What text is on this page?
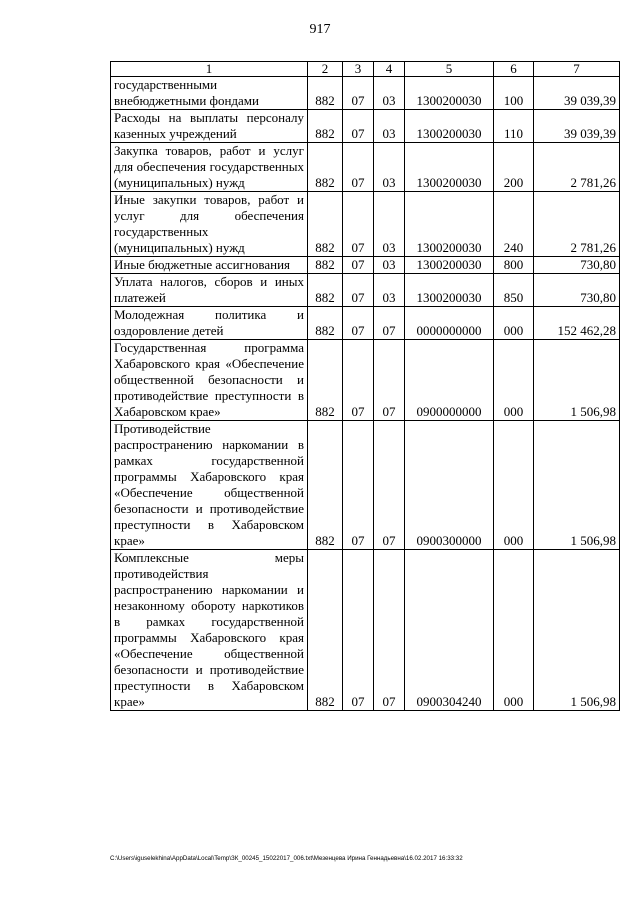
917
1	2	3	4	5	6	7

государственными внебюджетными фондами	882	07	03	1300200030	100	39 039,39

Расходы на выплаты персоналу казенных учреждений	882	07	03	1300200030	110	39 039,39

Закупка товаров, работ и услуг для обеспечения государственных (муниципальных) нужд	882	07	03	1300200030	200	2 781,26

Иные закупки товаров, работ и услуг для обеспечения государственных (муниципальных) нужд	882	07	03	1300200030	240	2 781,26

Иные бюджетные ассигнования	882	07	03	1300200030	800	730,80

Уплата налогов, сборов и иных платежей	882	07	03	1300200030	850	730,80

Молодежная политика и оздоровление детей	882	07	07	0000000000	000	152 462,28

Государственная программа Хабаровского края «Обеспечение общественной безопасности и противодействие преступности в Хабаровском крае»	882	07	07	0900000000	000	1 506,98

Противодействие распространению наркомании в рамках государственной программы Хабаровского края «Обеспечение общественной безопасности и противодействие преступности в Хабаровском крае»	882	07	07	0900300000	000	1 506,98

Комплексные меры противодействия распространению наркомании и незаконному обороту наркотиков в рамках государственной программы Хабаровского края «Обеспечение общественной безопасности и противодействие преступности в Хабаровском крае»	882	07	07	0900304240	000	1 506,98
C:\Users\iguselekhina\AppData\Local\Temp\ЗК_00245_15022017_006.txt\Мезенцева Ирина Геннадьевна\16.02.2017 16:33:32
